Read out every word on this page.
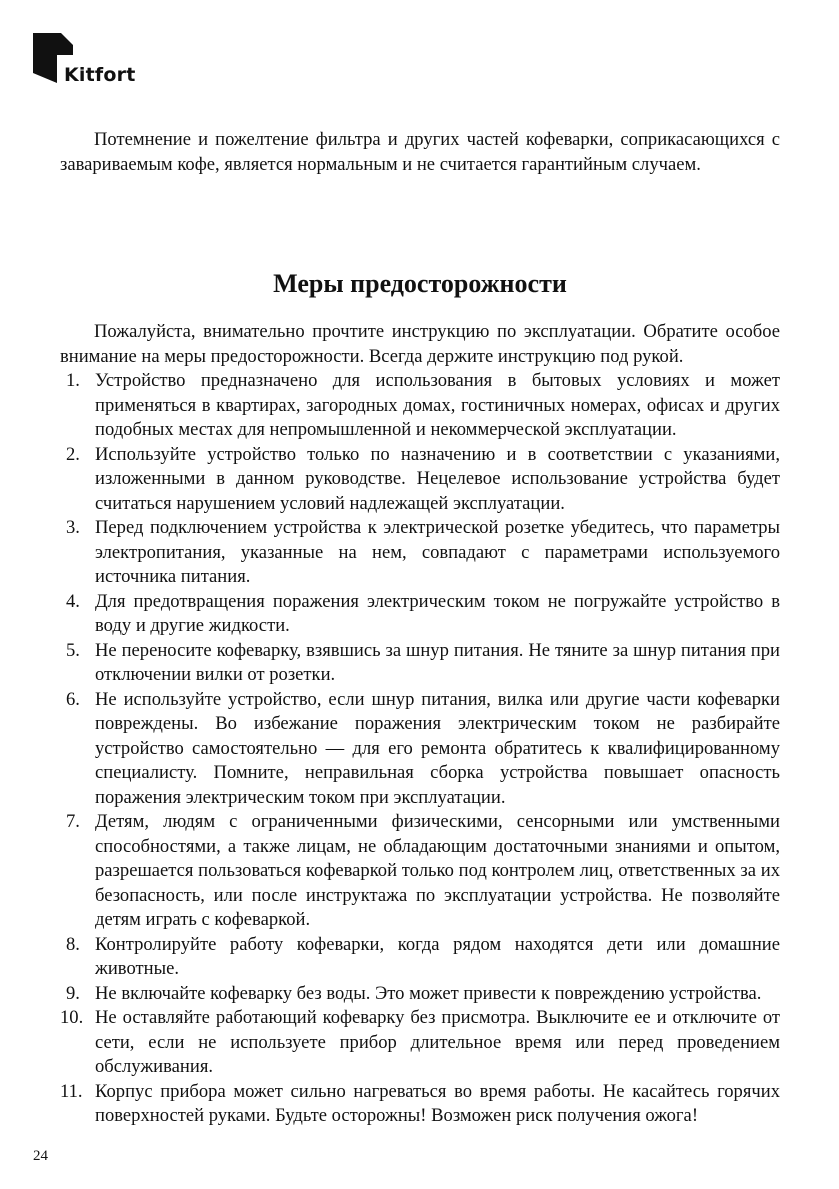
Kitfort

Потемнение и пожелтение фильтра и других частей кофеварки, соприкасающихся с завариваемым кофе, является нормальным и не считается гарантийным случаем.

Меры предосторожности

Пожалуйста, внимательно прочтите инструкцию по эксплуатации. Обратите особое внимание на меры предосторожности. Всегда держите инструкцию под рукой.

1. Устройство предназначено для использования в бытовых условиях и может применяться в квартирах, загородных домах, гостиничных номерах, офисах и других подобных местах для непромышленной и некоммерческой эксплуатации.
2. Используйте устройство только по назначению и в соответствии с указаниями, изложенными в данном руководстве. Нецелевое использование устройства будет считаться нарушением условий надлежащей эксплуатации.
3. Перед подключением устройства к электрической розетке убедитесь, что параметры электропитания, указанные на нем, совпадают с параметрами используемого источника питания.
4. Для предотвращения поражения электрическим током не погружайте устройство в воду и другие жидкости.
5. Не переносите кофеварку, взявшись за шнур питания. Не тяните за шнур питания при отключении вилки от розетки.
6. Не используйте устройство, если шнур питания, вилка или другие части кофеварки повреждены. Во избежание поражения электрическим током не разбирайте устройство самостоятельно — для его ремонта обратитесь к квалифицированному специалисту. Помните, неправильная сборка устройства повышает опасность поражения электрическим током при эксплуатации.
7. Детям, людям с ограниченными физическими, сенсорными или умственными способностями, а также лицам, не обладающим достаточными знаниями и опытом, разрешается пользоваться кофеваркой только под контролем лиц, ответственных за их безопасность, или после инструктажа по эксплуатации устройства. Не позволяйте детям играть с кофеваркой.
8. Контролируйте работу кофеварки, когда рядом находятся дети или домашние животные.
9. Не включайте кофеварку без воды. Это может привести к повреждению устройства.
10. Не оставляйте работающий кофеварку без присмотра. Выключите ее и отключите от сети, если не используете прибор длительное время или перед проведением обслуживания.
11. Корпус прибора может сильно нагреваться во время работы. Не касайтесь горячих поверхностей руками. Будьте осторожны! Возможен риск получения ожога!
24
